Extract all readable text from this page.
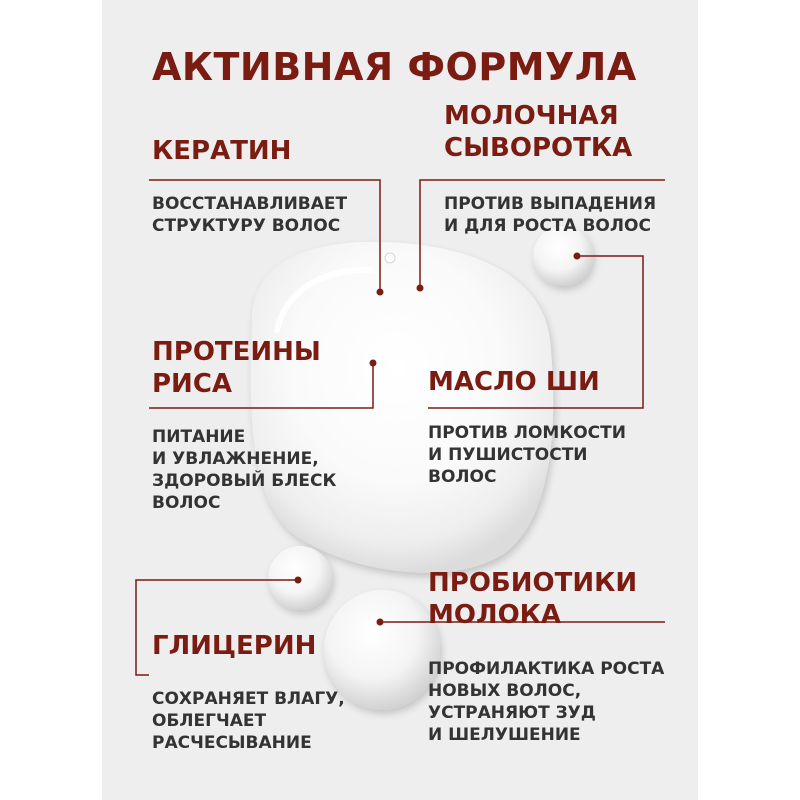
АКТИВНАЯ ФОРМУЛА
КЕРАТИН
ВОССТАНАВЛИВАЕТ
СТРУКТУРУ ВОЛОС
МОЛОЧНАЯ
СЫВОРОТКА
ПРОТИВ ВЫПАДЕНИЯ
И ДЛЯ РОСТА ВОЛОС
ПРОТЕИНЫ
РИСА
ПИТАНИЕ
И УВЛАЖНЕНИЕ,
ЗДОРОВЫЙ БЛЕСК
ВОЛОС
МАСЛО ШИ
ПРОТИВ ЛОМКОСТИ
И ПУШИСТОСТИ
ВОЛОС
ГЛИЦЕРИН
СОХРАНЯЕТ ВЛАГУ,
ОБЛЕГЧАЕТ
РАСЧЕСЫВАНИЕ
ПРОБИОТИКИ
МОЛОКА
ПРОФИЛАКТИКА РОСТА
НОВЫХ ВОЛОС,
УСТРАНЯЮТ ЗУД
И ШЕЛУШЕНИЕ
